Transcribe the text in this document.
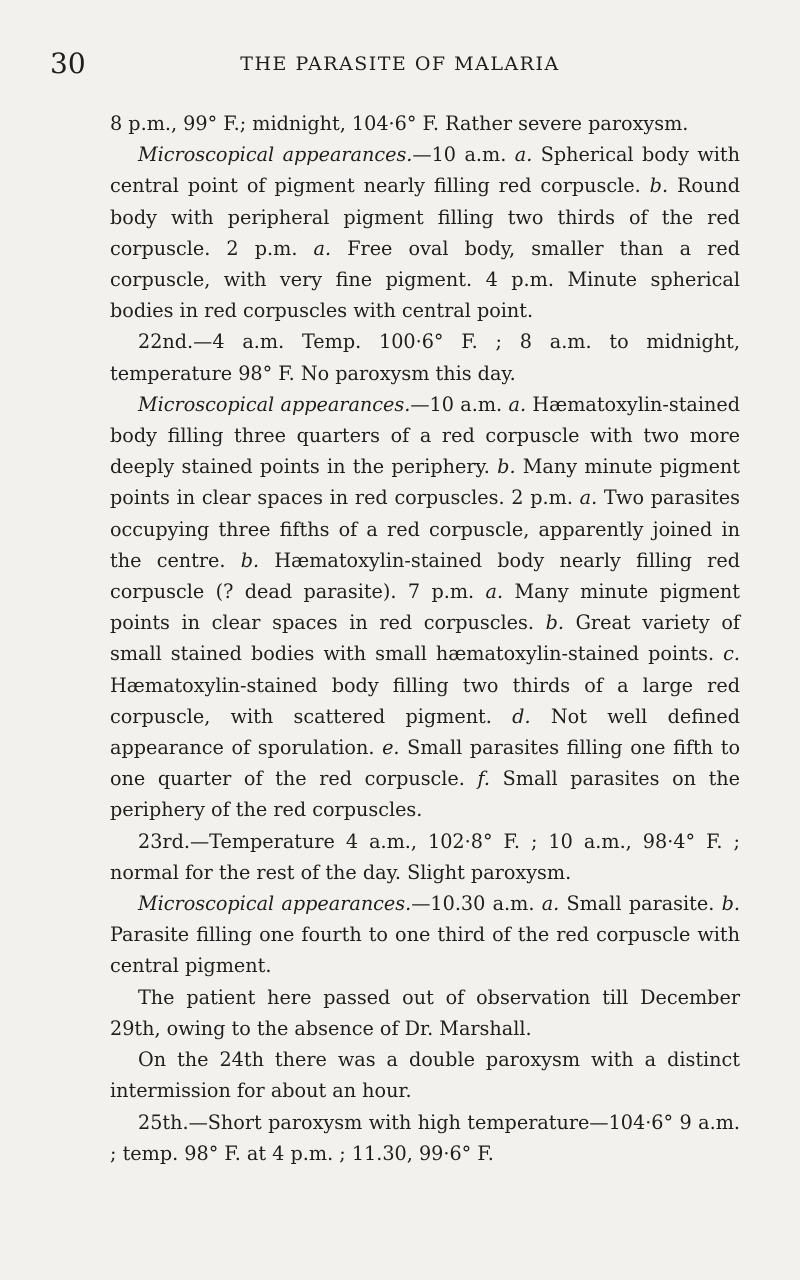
30	THE PARASITE OF MALARIA

8 p.m., 99° F.; midnight, 104·6° F. Rather severe paroxysm.

Microscopical appearances.—10 a.m. a. Spherical body with central point of pigment nearly filling red corpuscle. b. Round body with peripheral pigment filling two thirds of the red corpuscle. 2 p.m. a. Free oval body, smaller than a red corpuscle, with very fine pigment. 4 p.m. Minute spherical bodies in red corpuscles with central point.

22nd.—4 a.m. Temp. 100·6° F. ; 8 a.m. to midnight, temperature 98° F. No paroxysm this day.

Microscopical appearances.—10 a.m. a. Hæmatoxylin-stained body filling three quarters of a red corpuscle with two more deeply stained points in the periphery. b. Many minute pigment points in clear spaces in red corpuscles. 2 p.m. a. Two parasites occupying three fifths of a red corpuscle, apparently joined in the centre. b. Hæmatoxylin-stained body nearly filling red corpuscle (? dead parasite). 7 p.m. a. Many minute pigment points in clear spaces in red corpuscles. b. Great variety of small stained bodies with small hæmatoxylin-stained points. c. Hæmatoxylin-stained body filling two thirds of a large red corpuscle, with scattered pigment. d. Not well defined appearance of sporulation. e. Small parasites filling one fifth to one quarter of the red corpuscle. f. Small parasites on the periphery of the red corpuscles.

23rd.—Temperature 4 a.m., 102·8° F. ; 10 a.m., 98·4° F. ; normal for the rest of the day. Slight paroxysm.

Microscopical appearances.—10.30 a.m. a. Small parasite. b. Parasite filling one fourth to one third of the red corpuscle with central pigment.

The patient here passed out of observation till December 29th, owing to the absence of Dr. Marshall.

On the 24th there was a double paroxysm with a distinct intermission for about an hour.

25th.—Short paroxysm with high temperature—104·6° 9 a.m. ; temp. 98° F. at 4 p.m. ; 11.30, 99·6° F.
